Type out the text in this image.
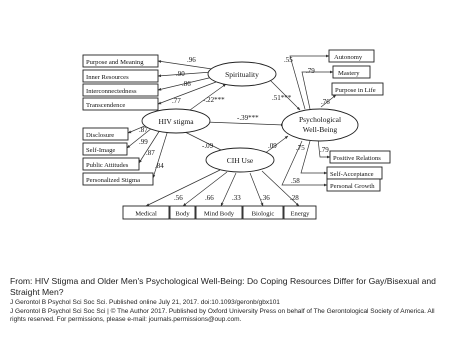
Spirituality
HIV stigma	Psychological
Well-Being
CIH Use
Purpose and Meaning
Inner Resources
Interconnectedness
Transcendence
Disclosure
Self-Image
Public Attitudes
Personalized Stigma
Autonomy
Mastery
Purpose in Life
Positive Relations
Self-Acceptance
Personal Growth
Medical	Body Mind Body	Biologic Energy
.96
.90
.86
.77
.87
.99
.87
.84
.55
.79
.76
.75 .79
.58
.56	.66	.33	.36	.28
-.22***	.51***
-.39***
-.09	.09

From: HIV Stigma and Older Men's Psychological Well-Being: Do Coping Resources Differ for Gay/Bisexual and Straight Men?

J Gerontol B Psychol Sci Soc Sci. Published online July 21, 2017. doi:10.1093/geronb/gbx101

J Gerontol B Psychol Sci Soc Sci | © The Author 2017. Published by Oxford University Press on behalf of The Gerontological Society of America. All rights reserved. For permissions, please e-mail: journals.permissions@oup.com.
